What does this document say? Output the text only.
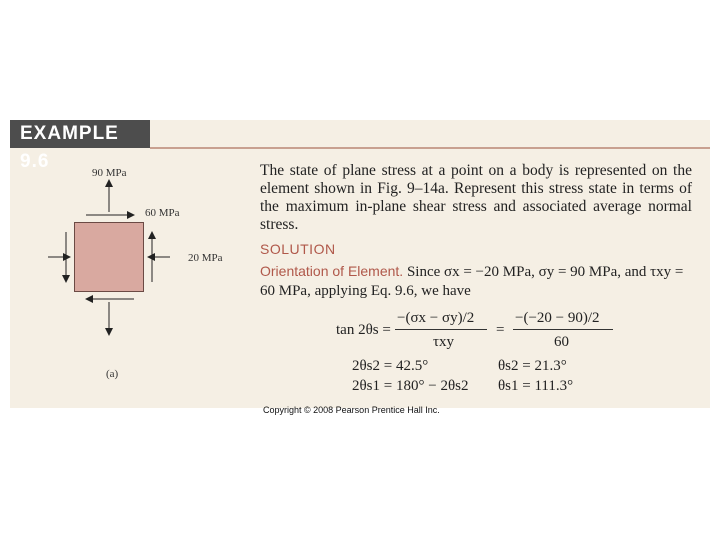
EXAMPLE 9.6
90 MPa
60 MPa
20 MPa
(a)
The state of plane stress at a point on a body is represented on the element shown in Fig. 9–14a. Represent this stress state in terms of the maximum in-plane shear stress and associated average normal stress.
SOLUTION
Orientation of Element. Since σx = −20 MPa, σy = 90 MPa, and τxy = 60 MPa, applying Eq. 9.6, we have
tan 2θs =
−(σx − σy)/2
τxy
=
−(−20 − 90)/2
60
2θs2 = 42.5°	θs2 = 21.3°
2θs1 = 180° − 2θs2 θs1 = 111.3°
Copyright © 2008 Pearson Prentice Hall Inc.
